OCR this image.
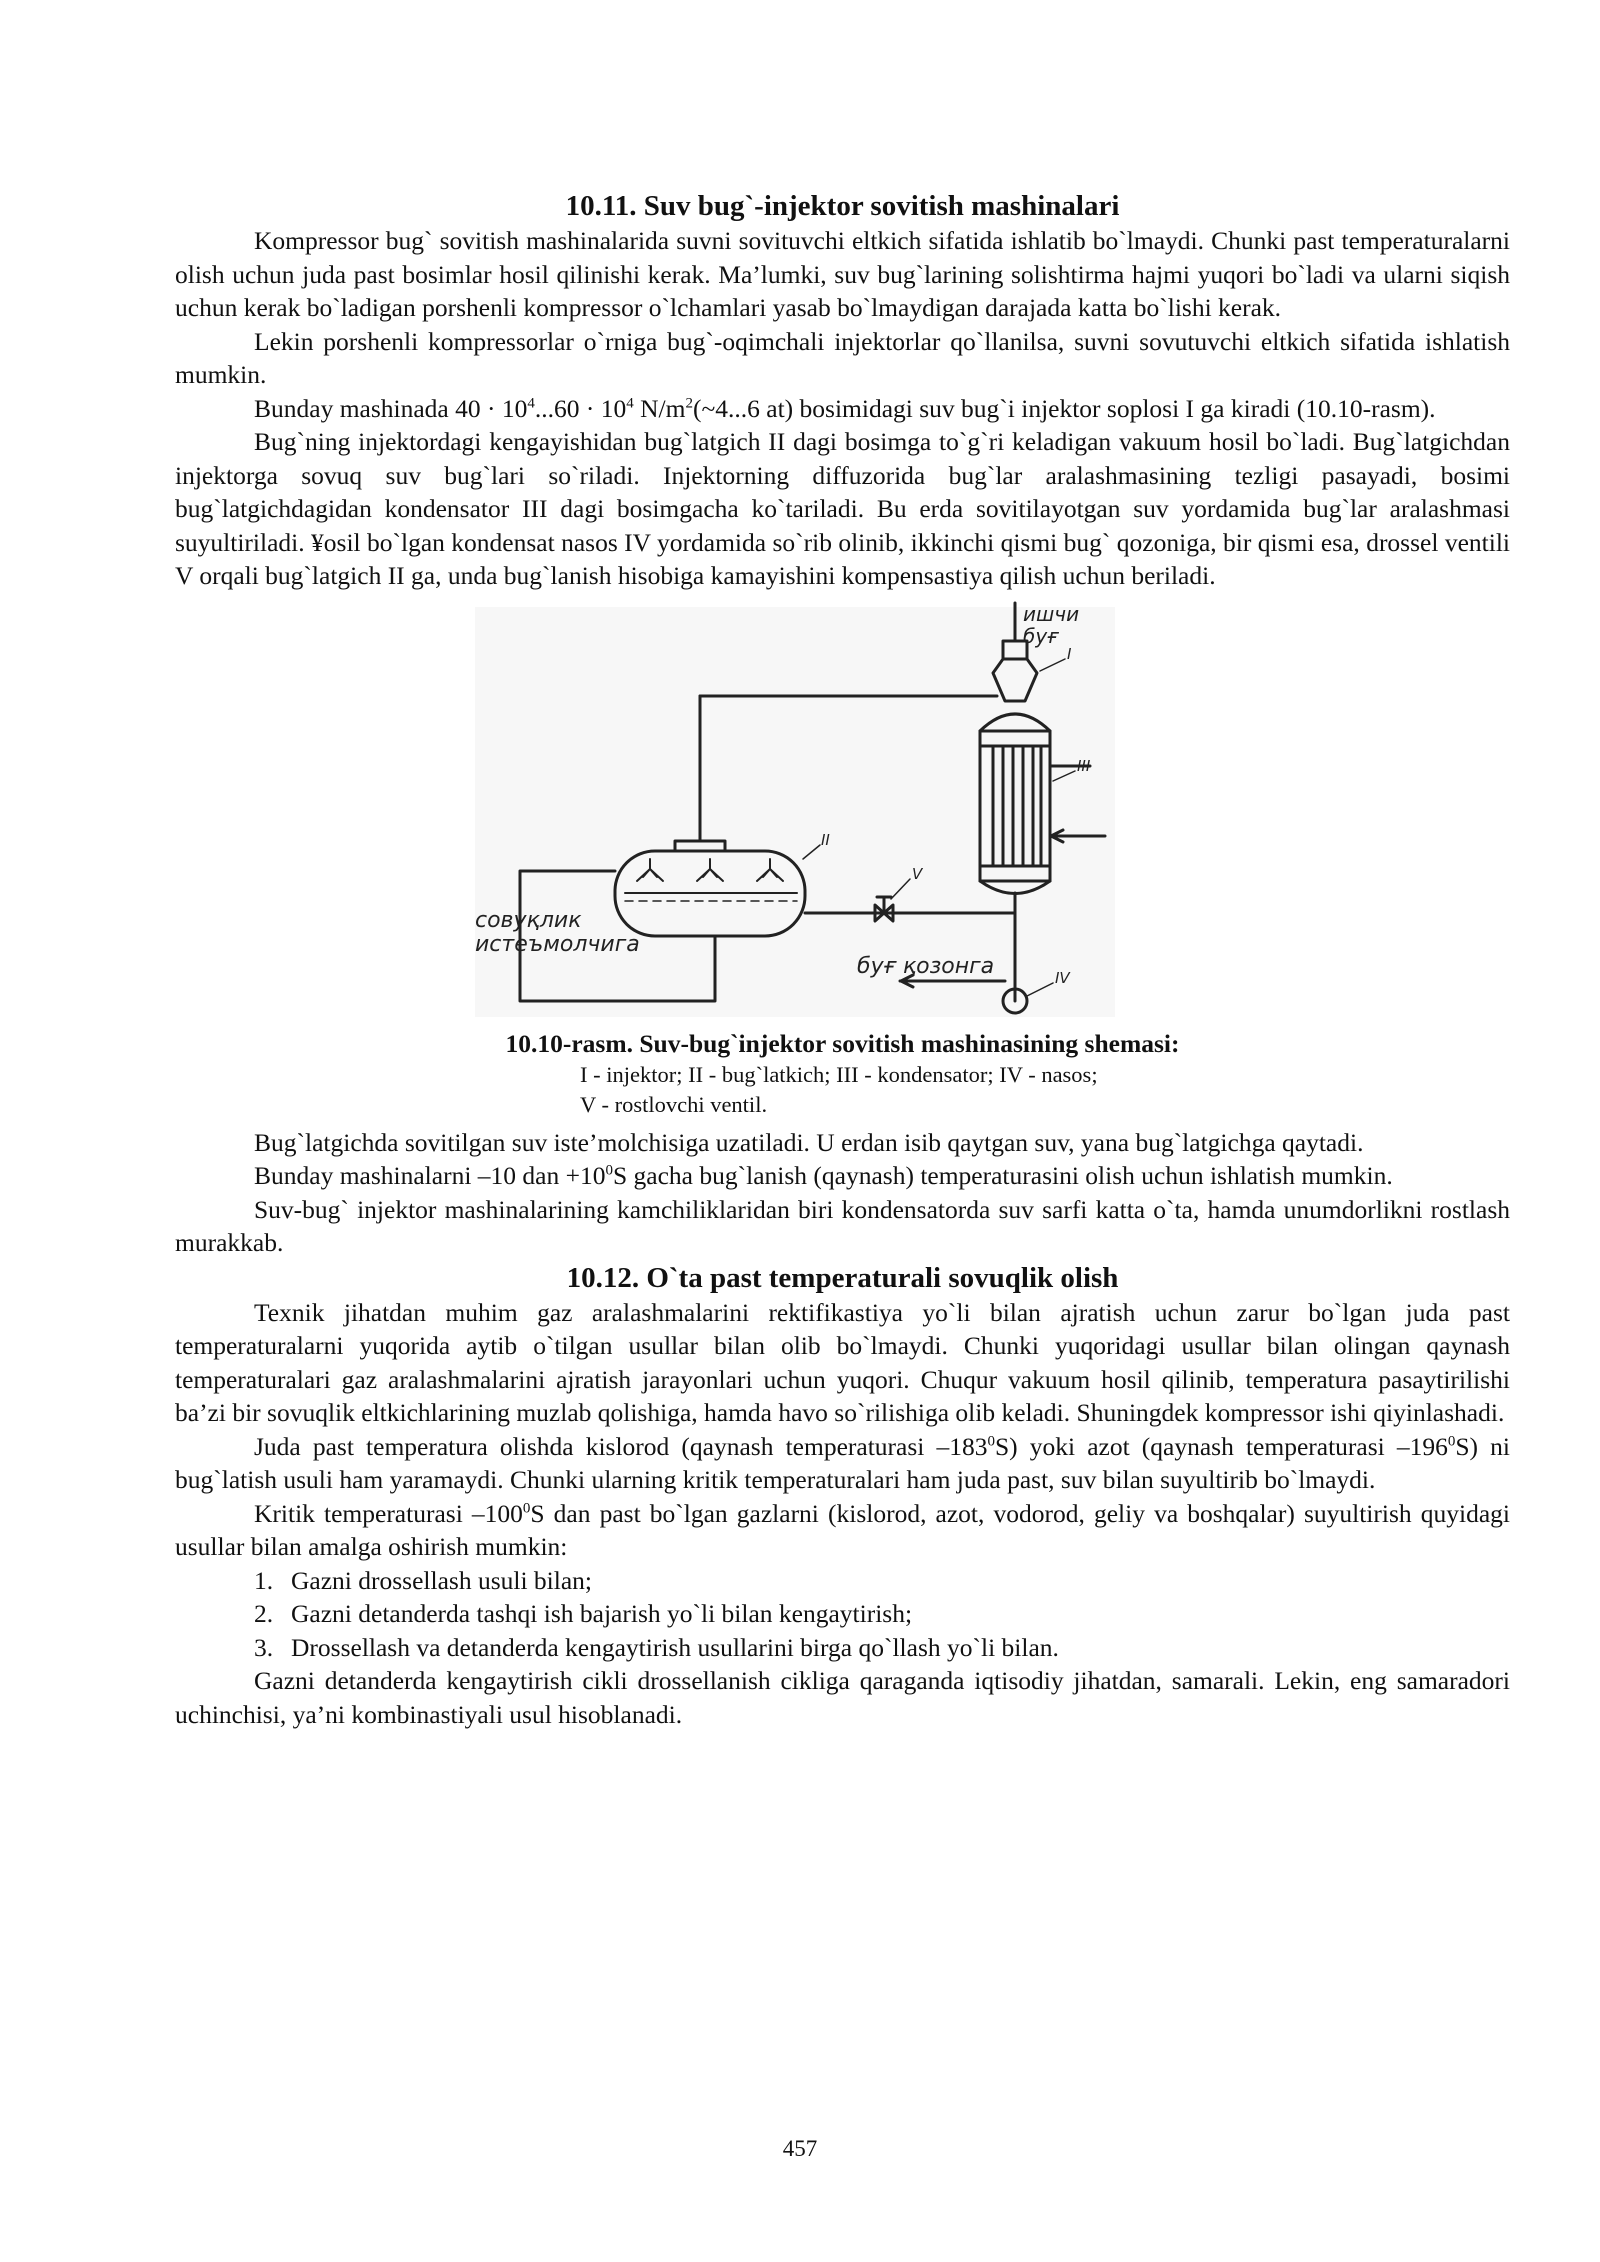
10.11. Suv bug`-injektor sovitish mashinalari

Kompressor bug` sovitish mashinalarida suvni sovituvchi eltkich sifatida ishlatib bo`lmaydi. Chunki past temperaturalarni olish uchun juda past bosimlar hosil qilinishi kerak. Ma’lumki, suv bug`larining solishtirma hajmi yuqori bo`ladi va ularni siqish uchun kerak bo`ladigan porshenli kompressor o`lchamlari yasab bo`lmaydigan darajada katta bo`lishi kerak.

Lekin porshenli kompressorlar o`rniga bug`-oqimchali injektorlar qo`llanilsa, suvni sovutuvchi eltkich sifatida ishlatish mumkin.

Bunday mashinada $40 \cdot 10^4...60 \cdot 10^4$ $N/m^2(\sim 4...6$ at) bosimidagi suv bug`i injektor soplosi I ga kiradi (10.10-rasm).

Bug`ning injektordagi kengayishidan bug`latgich II dagi bosimga to`g`ri keladigan vakuum hosil bo`ladi. Bug`latgichdan injektorga sovuq suv bug`lari so`riladi. Injektorning diffuzorida bug`lar aralashmasining tezligi pasayadi, bosimi bug`latgichdagidan kondensator III dagi bosimgacha ko`tariladi. Bu erda sovitilayotgan suv yordamida bug`lar aralashmasi suyultiriladi. ¥osil bo`lgan kondensat nasos IV yordamida so`rib olinib, ikkinchi qismi bug` qozoniga, bir qismi esa, drossel ventili V orqali bug`latgich II ga, unda bug`lanish hisobiga kamayishini kompensastiya qilish uchun beriladi.

ишчи
буғ
I
III
II
V
IV
совуқлик
истеъмолчига
буғ қозонга
10.10-rasm. Suv-bug`injektor sovitish mashinasining shemasi:
I - injektor; II - bug`latkich; III - kondensator; IV - nasos;
V - rostlovchi ventil.

Bug`latgichda sovitilgan suv iste’molchisiga uzatiladi. U erdan isib qaytgan suv, yana bug`latgichga qaytadi.

Bunday mashinalarni –10 dan $+10^0S$ gacha bug`lanish (qaynash) temperaturasini olish uchun ishlatish mumkin.

Suv-bug` injektor mashinalarining kamchiliklaridan biri kondensatorda suv sarfi katta o`ta, hamda unumdorlikni rostlash murakkab.

10.12. O`ta past temperaturali sovuqlik olish

Texnik jihatdan muhim gaz aralashmalarini rektifikastiya yo`li bilan ajratish uchun zarur bo`lgan juda past temperaturalarni yuqorida aytib o`tilgan usullar bilan olib bo`lmaydi. Chunki yuqoridagi usullar bilan olingan qaynash temperaturalari gaz aralashmalarini ajratish jarayonlari uchun yuqori. Chuqur vakuum hosil qilinib, temperatura pasaytirilishi ba’zi bir sovuqlik eltkichlarining muzlab qolishiga, hamda havo so`rilishiga olib keladi. Shuningdek kompressor ishi qiyinlashadi.

Juda past temperatura olishda kislorod (qaynash temperaturasi $-183^0S$) yoki azot (qaynash temperaturasi $-196^0S$) ni bug`latish usuli ham yaramaydi. Chunki ularning kritik temperaturalari ham juda past, suv bilan suyultirib bo`lmaydi.

Kritik temperaturasi $-100^0S$ dan past bo`lgan gazlarni (kislorod, azot, vodorod, geliy va boshqalar) suyultirish quyidagi usullar bilan amalga oshirish mumkin:

1. Gazni drossellash usuli bilan;
2. Gazni detanderda tashqi ish bajarish yo`li bilan kengaytirish;
3. Drossellash va detanderda kengaytirish usullarini birga qo`llash yo`li bilan.

Gazni detanderda kengaytirish cikli drossellanish cikliga qaraganda iqtisodiy jihatdan, samarali. Lekin, eng samaradori uchinchisi, ya’ni kombinastiyali usul hisoblanadi.

457
